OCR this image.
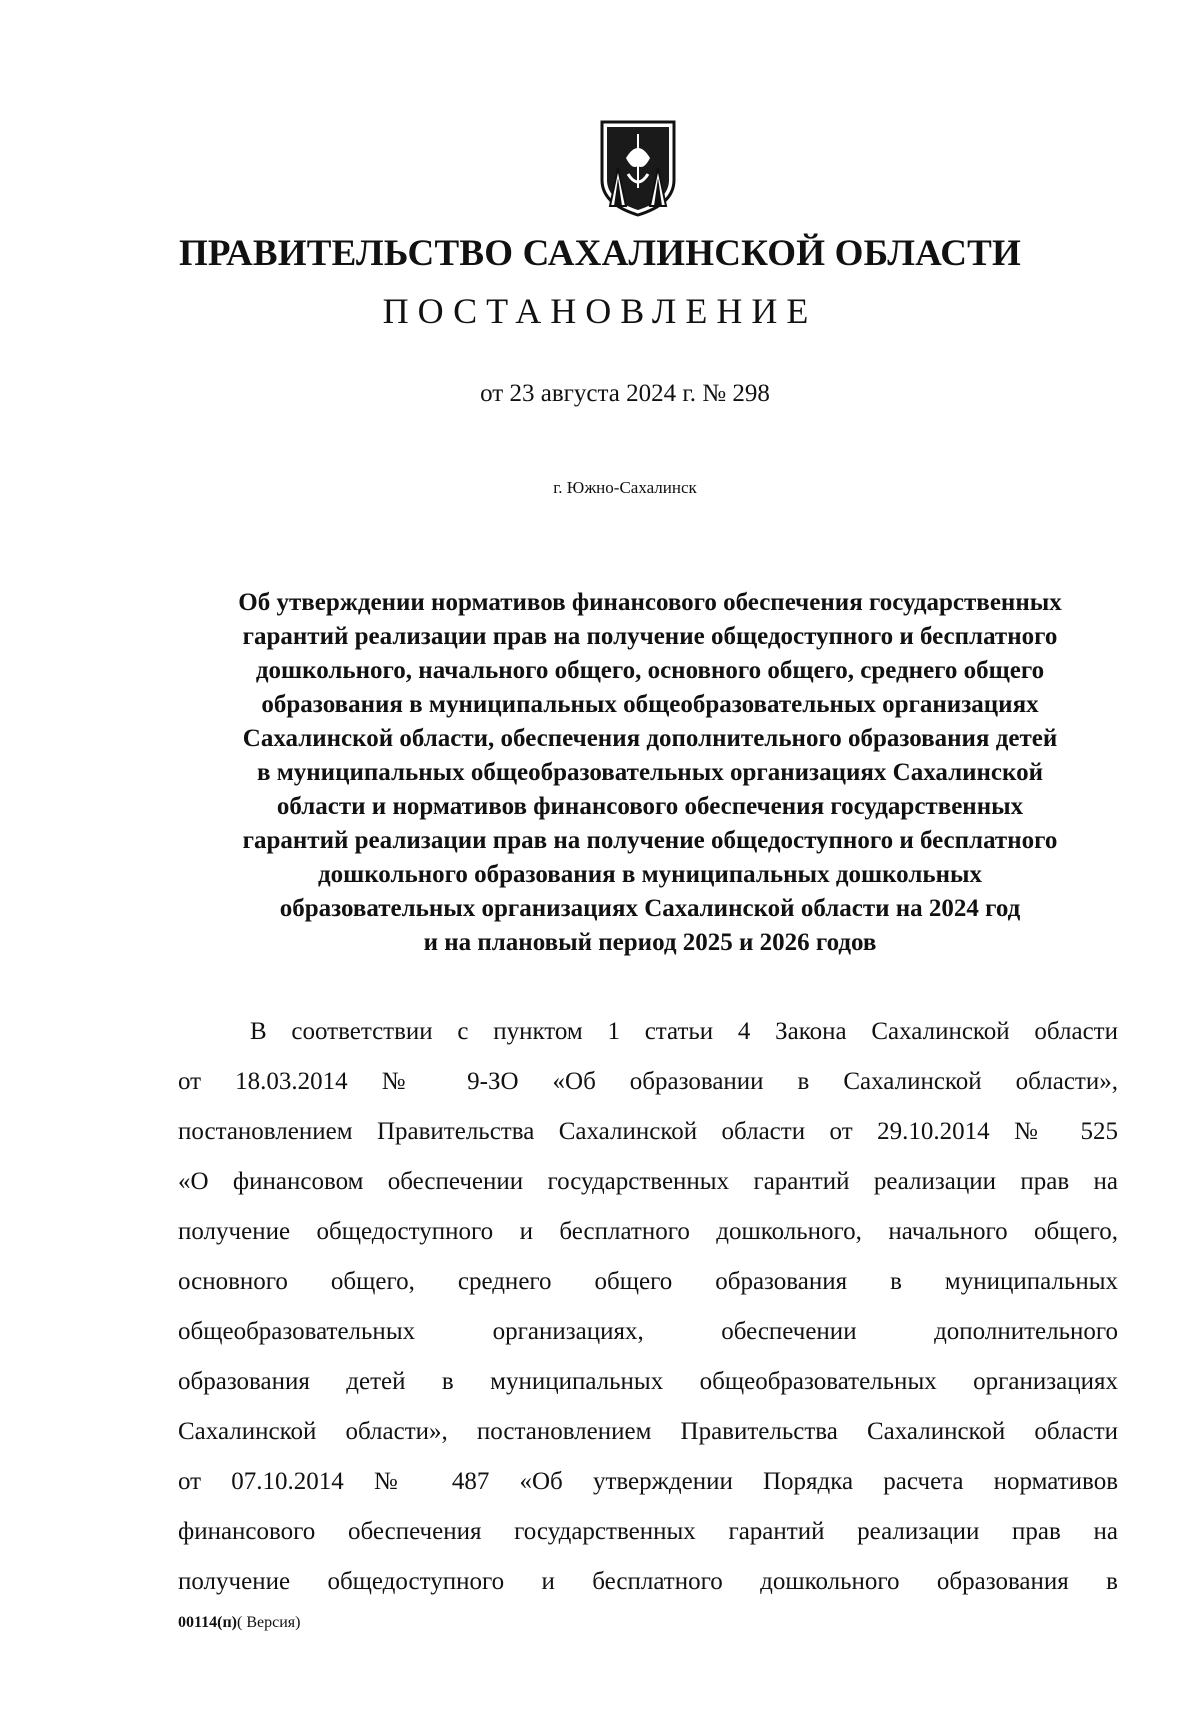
ПРАВИТЕЛЬСТВО САХАЛИНСКОЙ ОБЛАСТИ
ПОСТАНОВЛЕНИЕ
от 23 августа 2024 г. № 298
г. Южно-Сахалинск
Об утверждении нормативов финансового обеспечения государственных
гарантий реализации прав на получение общедоступного и бесплатного
дошкольного, начального общего, основного общего, среднего общего
образования в муниципальных общеобразовательных организациях
Сахалинской области, обеспечения дополнительного образования детей
в муниципальных общеобразовательных организациях Сахалинской
области и нормативов финансового обеспечения государственных
гарантий реализации прав на получение общедоступного и бесплатного
дошкольного образования в муниципальных дошкольных
образовательных организациях Сахалинской области на 2024 год
и на плановый период 2025 и 2026 годов
В соответствии с пунктом 1 статьи 4 Закона Сахалинской области
от 18.03.2014 № 9-ЗО «Об образовании в Сахалинской области»,
постановлением Правительства Сахалинской области от 29.10.2014 № 525
«О финансовом обеспечении государственных гарантий реализации прав на
получение общедоступного и бесплатного дошкольного, начального общего,
основного общего, среднего общего образования в муниципальных
общеобразовательных организациях, обеспечении дополнительного
образования детей в муниципальных общеобразовательных организациях
Сахалинской области», постановлением Правительства Сахалинской области
от 07.10.2014 № 487 «Об утверждении Порядка расчета нормативов
финансового обеспечения государственных гарантий реализации прав на
получение общедоступного и бесплатного дошкольного образования в
00114(п)( Версия)
